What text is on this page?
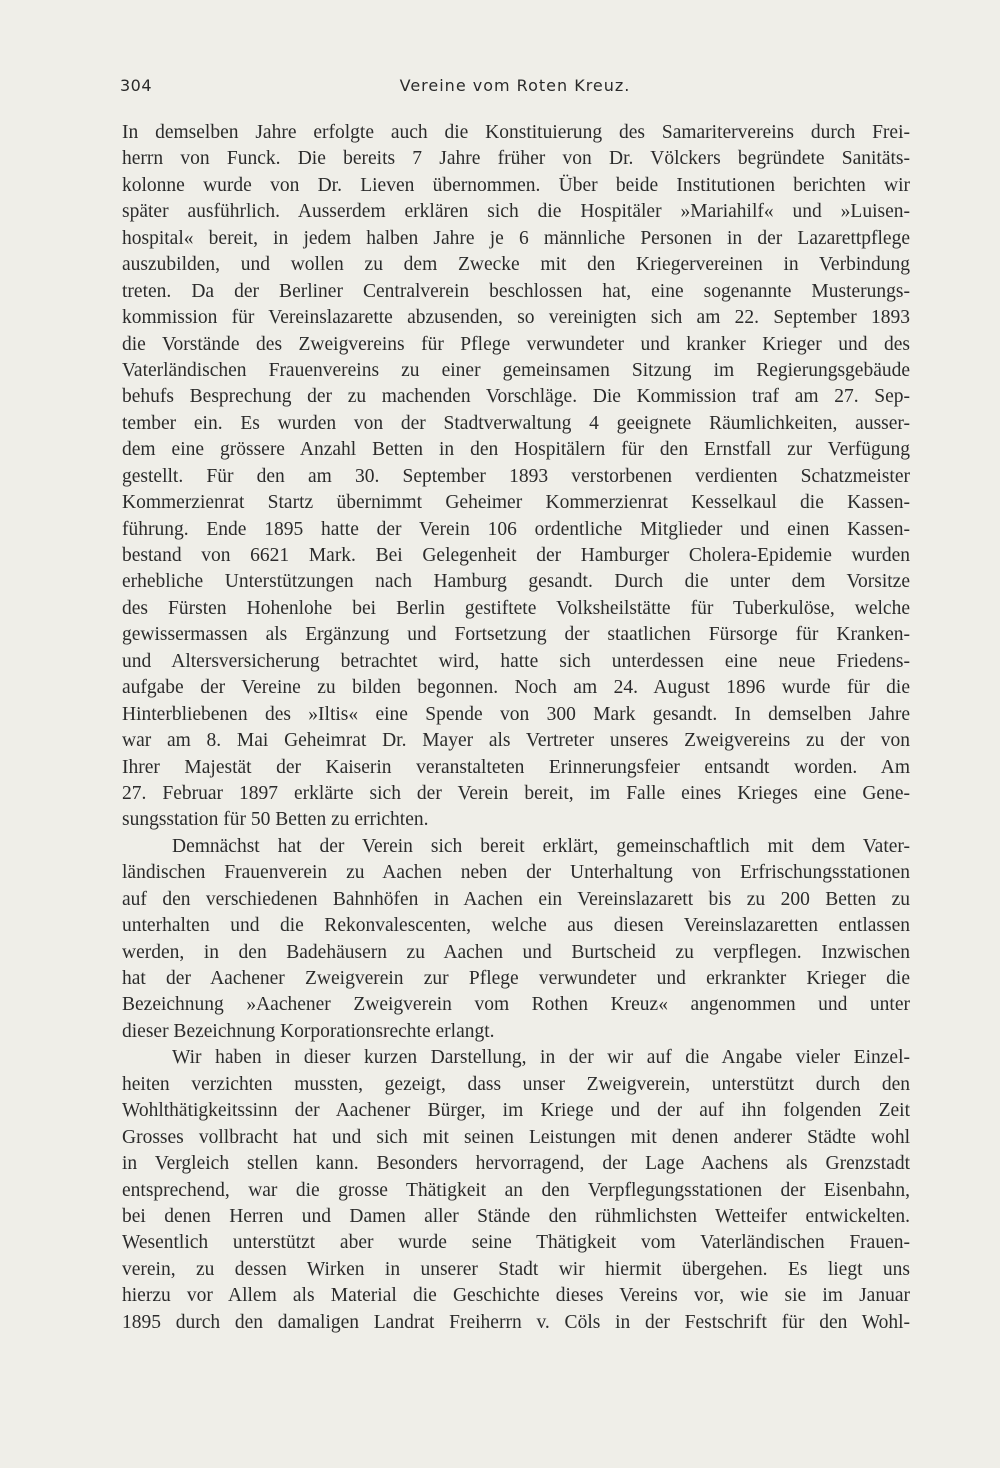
304	Vereine vom Roten Kreuz.
In demselben Jahre erfolgte auch die Konstituierung des Samaritervereins durch Frei-
herrn von Funck. Die bereits 7 Jahre früher von Dr. Völckers begründete Sanitäts-
kolonne wurde von Dr. Lieven übernommen. Über beide Institutionen berichten wir
später ausführlich. Ausserdem erklären sich die Hospitäler »Mariahilf« und »Luisen-
hospital« bereit, in jedem halben Jahre je 6 männliche Personen in der Lazarettpflege
auszubilden, und wollen zu dem Zwecke mit den Kriegervereinen in Verbindung
treten. Da der Berliner Centralverein beschlossen hat, eine sogenannte Musterungs-
kommission für Vereinslazarette abzusenden, so vereinigten sich am 22. September 1893
die Vorstände des Zweigvereins für Pflege verwundeter und kranker Krieger und des
Vaterländischen Frauenvereins zu einer gemeinsamen Sitzung im Regierungsgebäude
behufs Besprechung der zu machenden Vorschläge. Die Kommission traf am 27. Sep-
tember ein. Es wurden von der Stadtverwaltung 4 geeignete Räumlichkeiten, ausser-
dem eine grössere Anzahl Betten in den Hospitälern für den Ernstfall zur Verfügung
gestellt. Für den am 30. September 1893 verstorbenen verdienten Schatzmeister
Kommerzienrat Startz übernimmt Geheimer Kommerzienrat Kesselkaul die Kassen-
führung. Ende 1895 hatte der Verein 106 ordentliche Mitglieder und einen Kassen-
bestand von 6621 Mark. Bei Gelegenheit der Hamburger Cholera-Epidemie wurden
erhebliche Unterstützungen nach Hamburg gesandt. Durch die unter dem Vorsitze
des Fürsten Hohenlohe bei Berlin gestiftete Volksheilstätte für Tuberkulöse, welche
gewissermassen als Ergänzung und Fortsetzung der staatlichen Fürsorge für Kranken-
und Altersversicherung betrachtet wird, hatte sich unterdessen eine neue Friedens-
aufgabe der Vereine zu bilden begonnen. Noch am 24. August 1896 wurde für die
Hinterbliebenen des »Iltis« eine Spende von 300 Mark gesandt. In demselben Jahre
war am 8. Mai Geheimrat Dr. Mayer als Vertreter unseres Zweigvereins zu der von
Ihrer Majestät der Kaiserin veranstalteten Erinnerungsfeier entsandt worden. Am
27. Februar 1897 erklärte sich der Verein bereit, im Falle eines Krieges eine Gene-
sungsstation für 50 Betten zu errichten.
Demnächst hat der Verein sich bereit erklärt, gemeinschaftlich mit dem Vater-
ländischen Frauenverein zu Aachen neben der Unterhaltung von Erfrischungsstationen
auf den verschiedenen Bahnhöfen in Aachen ein Vereinslazarett bis zu 200 Betten zu
unterhalten und die Rekonvalescenten, welche aus diesen Vereinslazaretten entlassen
werden, in den Badehäusern zu Aachen und Burtscheid zu verpflegen. Inzwischen
hat der Aachener Zweigverein zur Pflege verwundeter und erkrankter Krieger die
Bezeichnung »Aachener Zweigverein vom Rothen Kreuz« angenommen und unter
dieser Bezeichnung Korporationsrechte erlangt.
Wir haben in dieser kurzen Darstellung, in der wir auf die Angabe vieler Einzel-
heiten verzichten mussten, gezeigt, dass unser Zweigverein, unterstützt durch den
Wohlthätigkeitssinn der Aachener Bürger, im Kriege und der auf ihn folgenden Zeit
Grosses vollbracht hat und sich mit seinen Leistungen mit denen anderer Städte wohl
in Vergleich stellen kann. Besonders hervorragend, der Lage Aachens als Grenzstadt
entsprechend, war die grosse Thätigkeit an den Verpflegungsstationen der Eisenbahn,
bei denen Herren und Damen aller Stände den rühmlichsten Wetteifer entwickelten.
Wesentlich unterstützt aber wurde seine Thätigkeit vom Vaterländischen Frauen-
verein, zu dessen Wirken in unserer Stadt wir hiermit übergehen. Es liegt uns
hierzu vor Allem als Material die Geschichte dieses Vereins vor, wie sie im Januar
1895 durch den damaligen Landrat Freiherrn v. Cöls in der Festschrift für den Wohl-
